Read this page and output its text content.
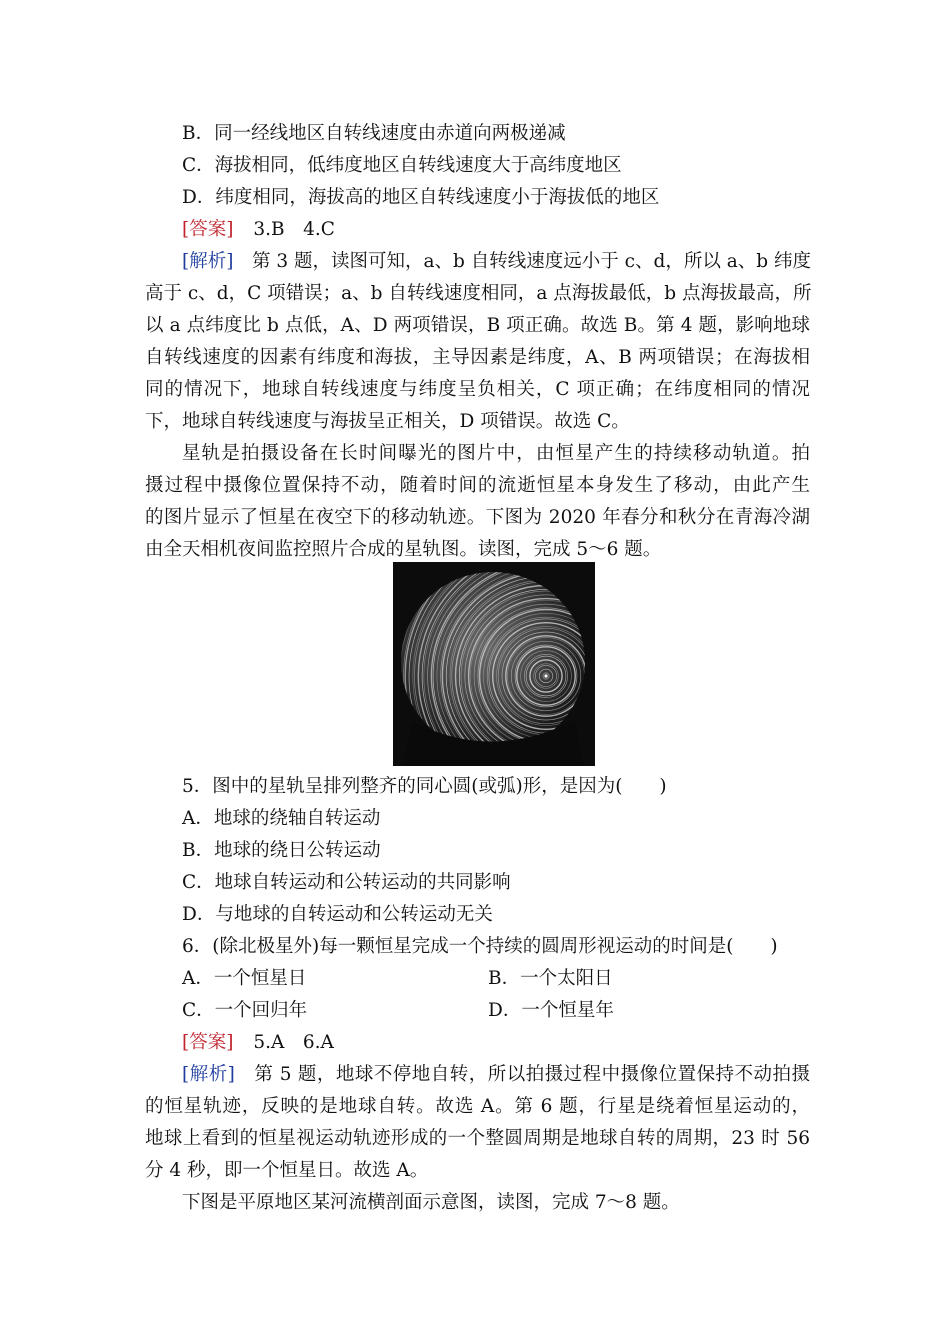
B．同一经线地区自转线速度由赤道向两极递减
C．海拔相同，低纬度地区自转线速度大于高纬度地区
D．纬度相同，海拔高的地区自转线速度小于海拔低的地区
[答案] 3.B　4.C
[解析]　 第 3 题，读图可知，a、b 自转线速度远小于 c、d，所以 a、b 纬度
高于 c、d，C 项错误；a、b 自转线速度相同，a 点海拔最低，b 点海拔最高，所
以 a 点纬度比 b 点低，A、D 两项错误，B 项正确。故选 B。第 4 题，影响地球
自转线速度的因素有纬度和海拔，主导因素是纬度，A、B 两项错误；在海拔相
同的情况下，地球自转线速度与纬度呈负相关，C 项正确；在纬度相同的情况
下，地球自转线速度与海拔呈正相关，D 项错误。故选 C。
星轨是拍摄设备在长时间曝光的图片中，由恒星产生的持续移动轨道。拍
摄过程中摄像位置保持不动，随着时间的流逝恒星本身发生了移动，由此产生
的图片显示了恒星在夜空下的移动轨迹。下图为 2020 年春分和秋分在青海冷湖
由全天相机夜间监控照片合成的星轨图。读图，完成 5～6 题。
5．图中的星轨呈排列整齐的同心圆(或弧)形，是因为(　　)
A．地球的绕轴自转运动
B．地球的绕日公转运动
C．地球自转运动和公转运动的共同影响
D．与地球的自转运动和公转运动无关
6．(除北极星外)每一颗恒星完成一个持续的圆周形视运动的时间是(　　)
A．一个恒星日	B．一个太阳日
C．一个回归年	D．一个恒星年
[答案] 5.A　6.A
[解析]　 第 5 题，地球不停地自转，所以拍摄过程中摄像位置保持不动拍摄
的恒星轨迹，反映的是地球自转。故选 A。第 6 题，行星是绕着恒星运动的，
地球上看到的恒星视运动轨迹形成的一个整圆周期是地球自转的周期，23 时 56
分 4 秒，即一个恒星日。故选 A。
下图是平原地区某河流横剖面示意图，读图，完成 7～8 题。
